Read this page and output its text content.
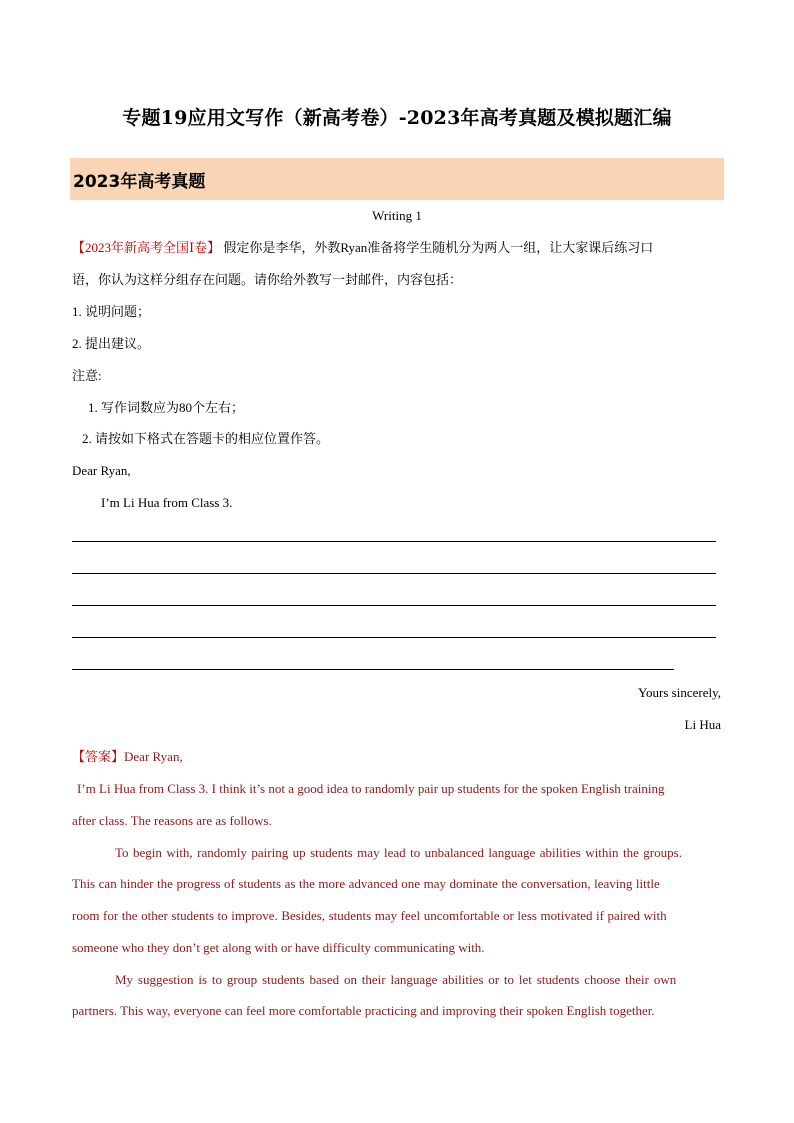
专题19应用文写作（新高考卷）-2023年高考真题及模拟题汇编
2023年高考真题
Writing 1
【2023年新高考全国Ⅰ卷】 假定你是李华，外教Ryan准备将学生随机分为两人一组，让大家课后练习口
语，你认为这样分组存在问题。请你给外教写一封邮件，内容包括：
1. 说明问题；
2. 提出建议。
注意:
1. 写作词数应为80个左右；
2. 请按如下格式在答题卡的相应位置作答。
Dear Ryan,
I’m Li Hua from Class 3.
Yours sincerely,
Li Hua
【答案】Dear Ryan,
I’m Li Hua from Class 3. I think it’s not a good idea to randomly pair up students for the spoken English training
after class. The reasons are as follows.
To begin with, randomly pairing up students may lead to unbalanced language abilities within the groups.
This can hinder the progress of students as the more advanced one may dominate the conversation, leaving little
room for the other students to improve. Besides, students may feel uncomfortable or less motivated if paired with
someone who they don’t get along with or have difficulty communicating with.
My suggestion is to group students based on their language abilities or to let students choose their own
partners. This way, everyone can feel more comfortable practicing and improving their spoken English together.
